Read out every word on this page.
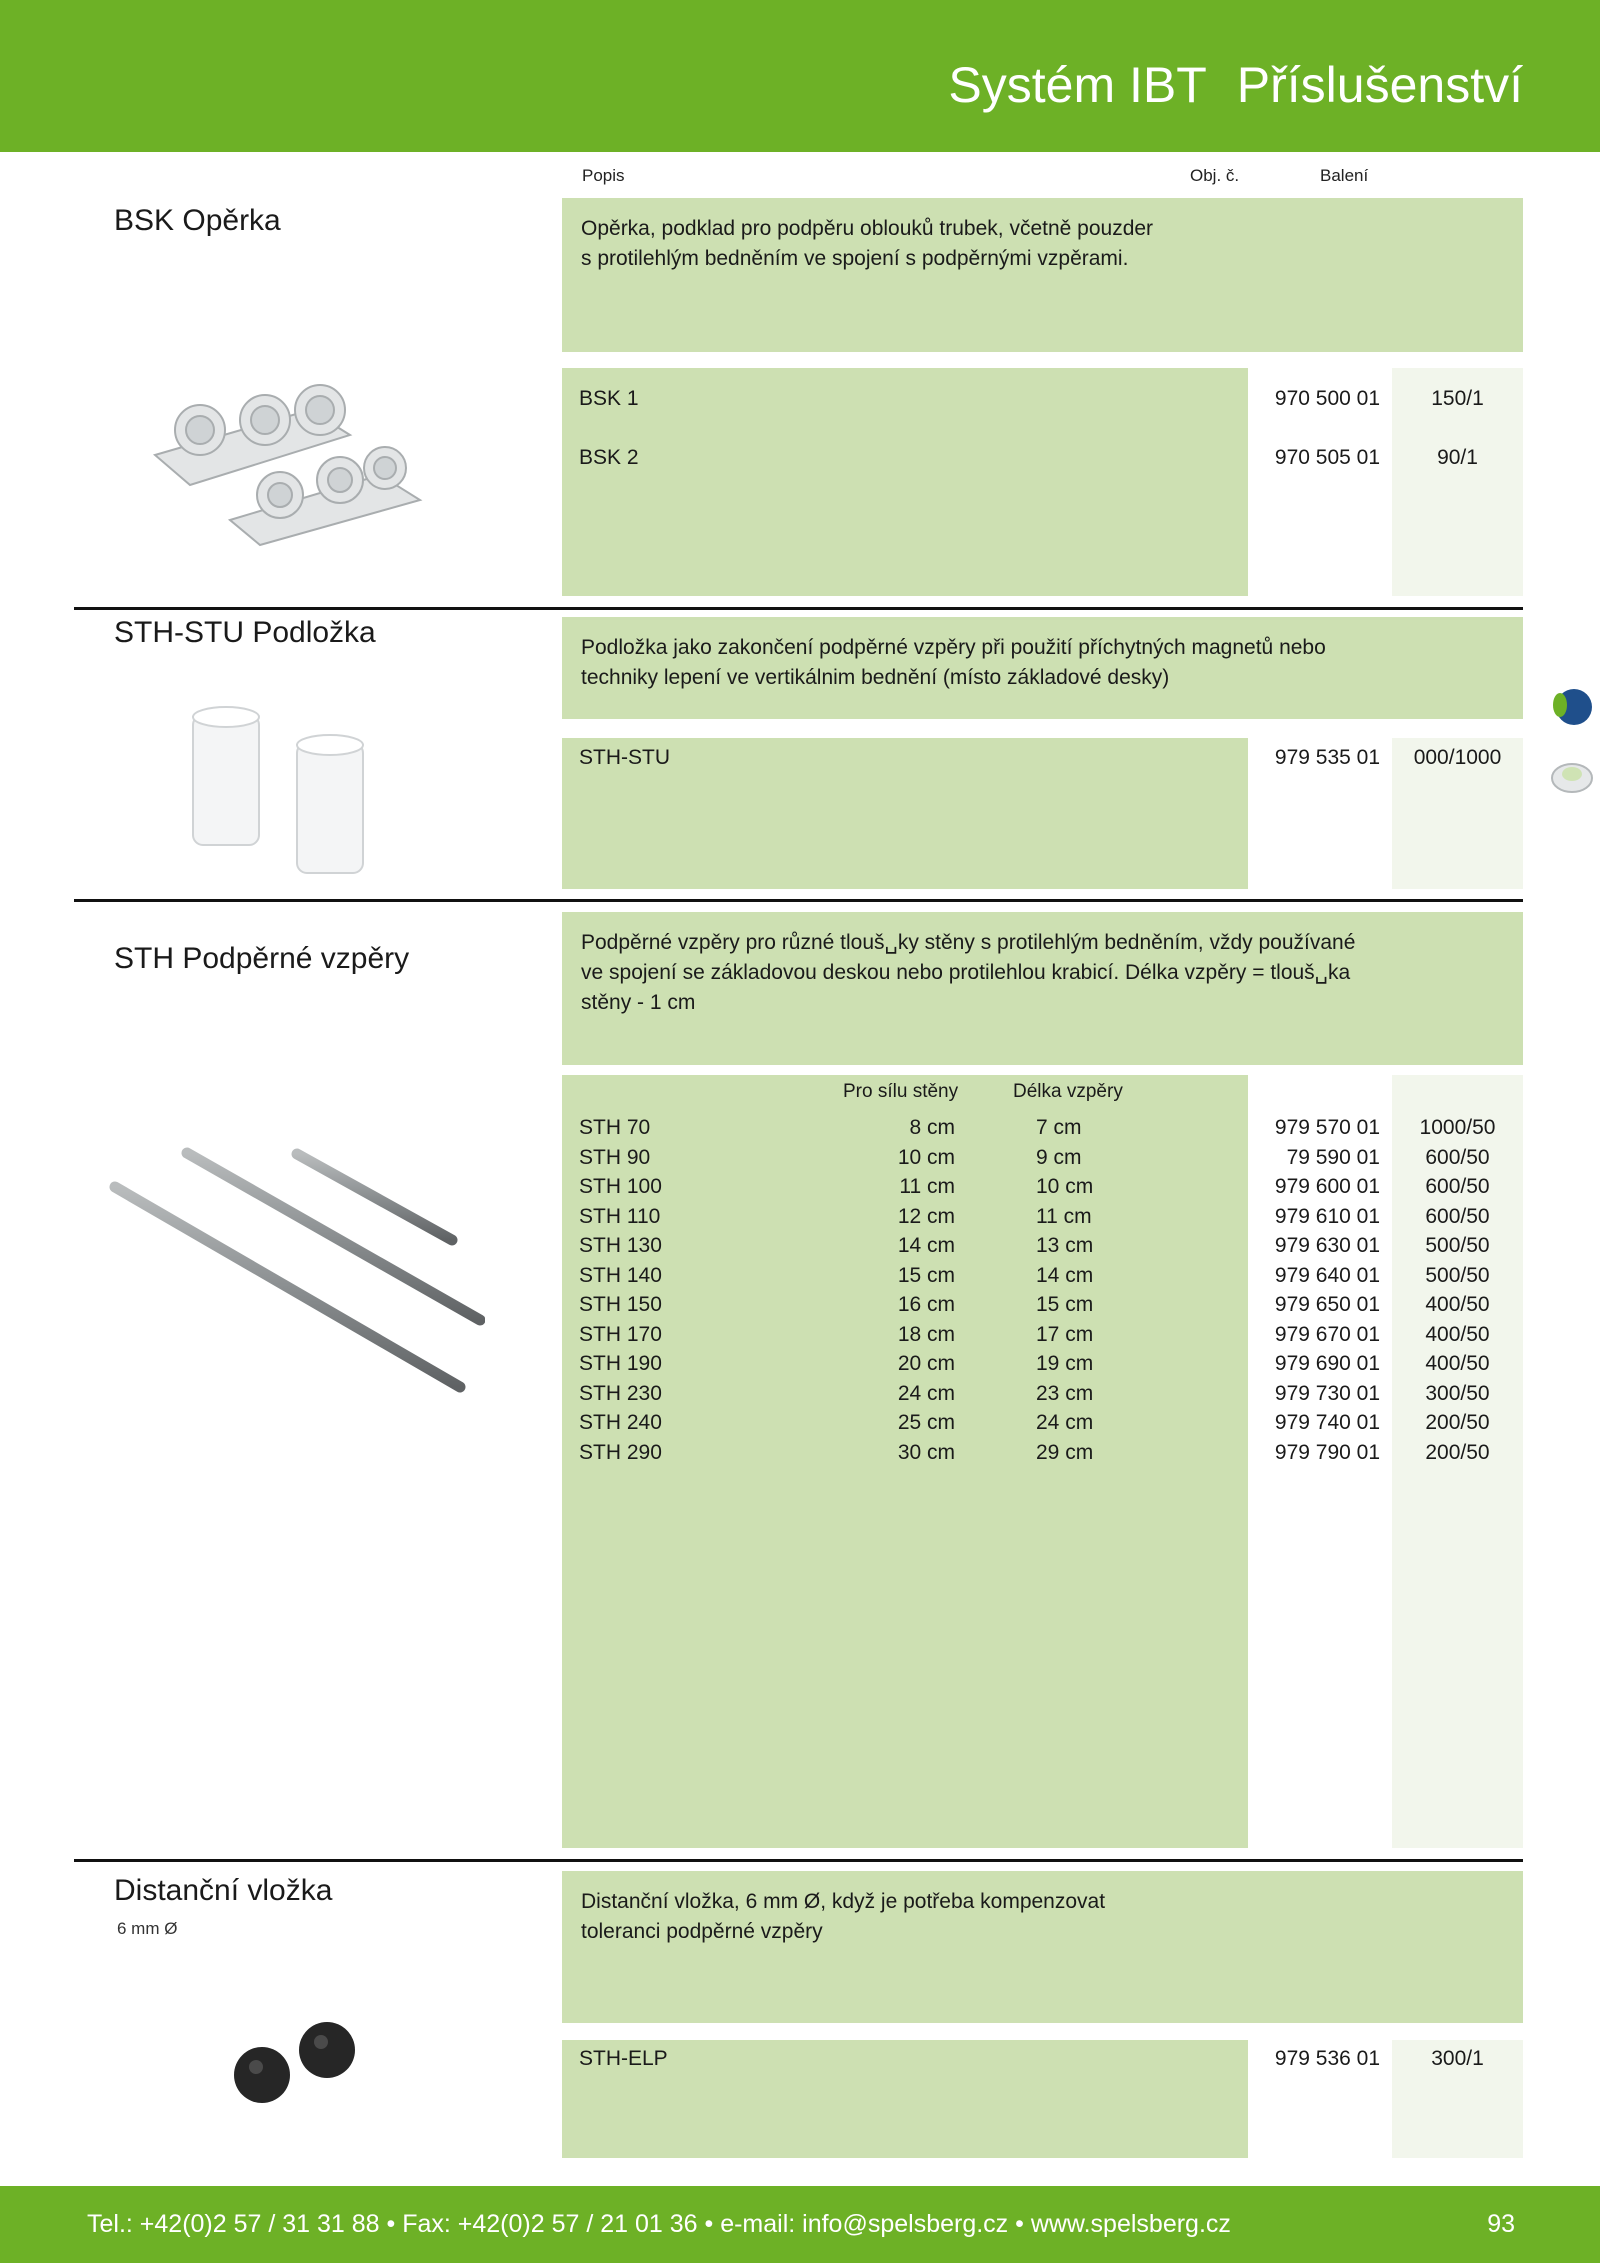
Systém IBT Příslušenství
Popis	Obj. č.	Balení
BSK Opěrka	Opěrka, podklad pro podpěru oblouků trubek, včetně pouzder
s protilehlým bedněním ve spojení s podpěrnými vzpěrami.
BSK 1	970 500 01	150/1
BSK 2	970 505 01	90/1
STH-STU Podložka	Podložka jako zakončení podpěrné vzpěry při použití příchytných magnetů nebo
techniky lepení ve vertikálnim bednění (místo základové desky)
STH-STU	979 535 01	000/1000
STH Podpěrné vzpěry	Podpěrné vzpěry pro různé tlouš␣ky stěny s protilehlým bedněním, vždy používané
ve spojení se základovou deskou nebo protilehlou krabicí. Délka vzpěry = tlouš␣ka
stěny - 1 cm
Pro sílu stěny	Délka vzpěry
STH 70	8 cm	7 cm	979 570 01	1000/50
STH 90	10 cm	9 cm	79 590 01	600/50
STH 100	11 cm	10 cm	979 600 01	600/50
STH 110	12 cm	11 cm	979 610 01	600/50
STH 130	14 cm	13 cm	979 630 01	500/50
STH 140	15 cm	14 cm	979 640 01	500/50
STH 150	16 cm	15 cm	979 650 01	400/50
STH 170	18 cm	17 cm	979 670 01	400/50
STH 190	20 cm	19 cm	979 690 01	400/50
STH 230	24 cm	23 cm	979 730 01	300/50
STH 240	25 cm	24 cm	979 740 01	200/50
STH 290	30 cm	29 cm	979 790 01	200/50
Distanční vložka
6 mm Ø
Distanční vložka, 6 mm Ø, když je potřeba kompenzovat
toleranci podpěrné vzpěry
STH-ELP	979 536 01	300/1
Tel.: +42(0)2 57 / 31 31 88 • Fax: +42(0)2 57 / 21 01 36 • e-mail: info@spelsberg.cz • www.spelsberg.cz	93
